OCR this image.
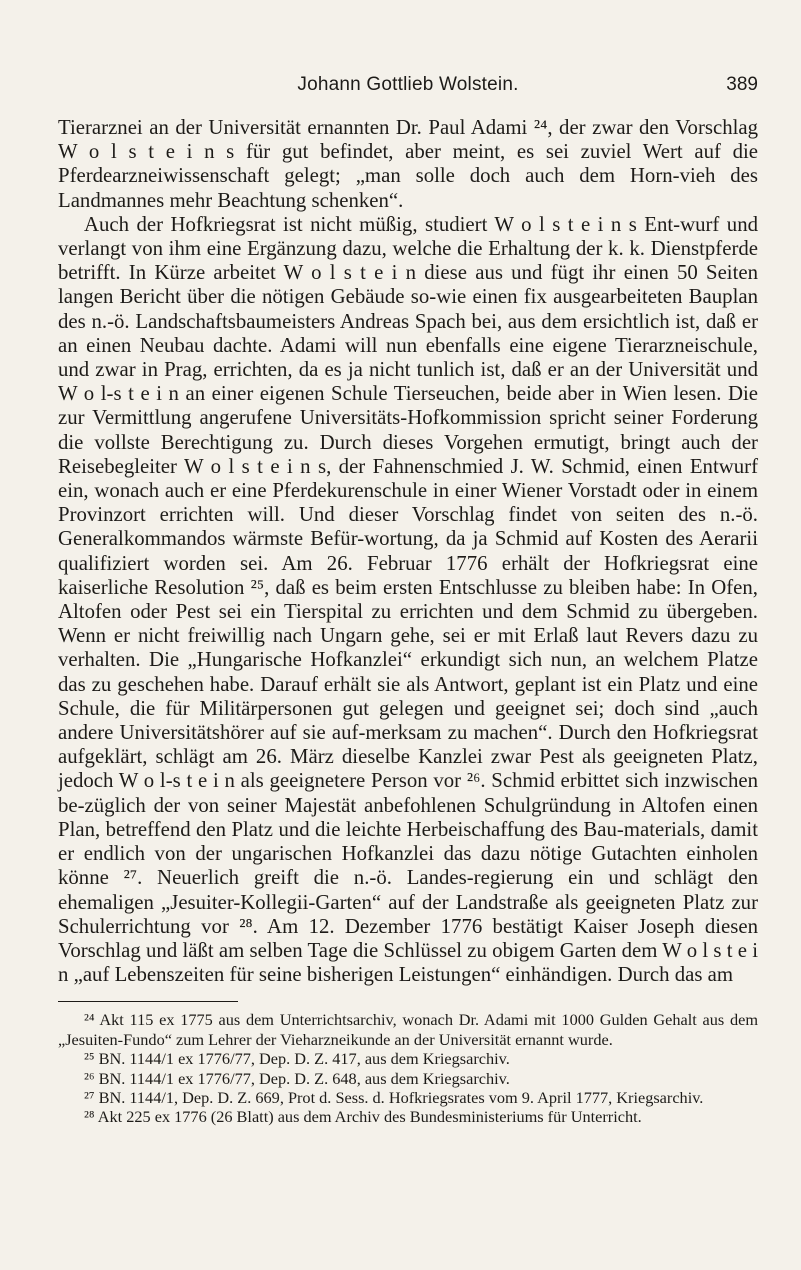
Johann Gottlieb Wolstein.	389

Tierarznei an der Universität ernannten Dr. Paul Adami ²⁴, der zwar den Vorschlag W o l s t e i n s für gut befindet, aber meint, es sei zuviel Wert auf die Pferdearzneiwissenschaft gelegt; „man solle doch auch dem Horn-vieh des Landmannes mehr Beachtung schenken“.

Auch der Hofkriegsrat ist nicht müßig, studiert W o l s t e i n s Ent-wurf und verlangt von ihm eine Ergänzung dazu, welche die Erhaltung der k. k. Dienstpferde betrifft. In Kürze arbeitet W o l s t e i n diese aus und fügt ihr einen 50 Seiten langen Bericht über die nötigen Gebäude so-wie einen fix ausgearbeiteten Bauplan des n.-ö. Landschaftsbaumeisters Andreas Spach bei, aus dem ersichtlich ist, daß er an einen Neubau dachte. Adami will nun ebenfalls eine eigene Tierarzneischule, und zwar in Prag, errichten, da es ja nicht tunlich ist, daß er an der Universität und W o l-s t e i n an einer eigenen Schule Tierseuchen, beide aber in Wien lesen. Die zur Vermittlung angerufene Universitäts-Hofkommission spricht seiner Forderung die vollste Berechtigung zu. Durch dieses Vorgehen ermutigt, bringt auch der Reisebegleiter W o l s t e i n s, der Fahnenschmied J. W. Schmid, einen Entwurf ein, wonach auch er eine Pferdekurenschule in einer Wiener Vorstadt oder in einem Provinzort errichten will. Und dieser Vorschlag findet von seiten des n.-ö. Generalkommandos wärmste Befür-wortung, da ja Schmid auf Kosten des Aerarii qualifiziert worden sei. Am 26. Februar 1776 erhält der Hofkriegsrat eine kaiserliche Resolution ²⁵, daß es beim ersten Entschlusse zu bleiben habe: In Ofen, Altofen oder Pest sei ein Tierspital zu errichten und dem Schmid zu übergeben. Wenn er nicht freiwillig nach Ungarn gehe, sei er mit Erlaß laut Revers dazu zu verhalten. Die „Hungarische Hofkanzlei“ erkundigt sich nun, an welchem Platze das zu geschehen habe. Darauf erhält sie als Antwort, geplant ist ein Platz und eine Schule, die für Militärpersonen gut gelegen und geeignet sei; doch sind „auch andere Universitätshörer auf sie auf-merksam zu machen“. Durch den Hofkriegsrat aufgeklärt, schlägt am 26. März dieselbe Kanzlei zwar Pest als geeigneten Platz, jedoch W o l-s t e i n als geeignetere Person vor ²⁶. Schmid erbittet sich inzwischen be-züglich der von seiner Majestät anbefohlenen Schulgründung in Altofen einen Plan, betreffend den Platz und die leichte Herbeischaffung des Bau-materials, damit er endlich von der ungarischen Hofkanzlei das dazu nötige Gutachten einholen könne ²⁷. Neuerlich greift die n.-ö. Landes-regierung ein und schlägt den ehemaligen „Jesuiter-Kollegii-Garten“ auf der Landstraße als geeigneten Platz zur Schulerrichtung vor ²⁸. Am 12. Dezember 1776 bestätigt Kaiser Joseph diesen Vorschlag und läßt am selben Tage die Schlüssel zu obigem Garten dem W o l s t e i n „auf Lebenszeiten für seine bisherigen Leistungen“ einhändigen. Durch das am

²⁴ Akt 115 ex 1775 aus dem Unterrichtsarchiv, wonach Dr. Adami mit 1000 Gulden Gehalt aus dem „Jesuiten-Fundo“ zum Lehrer der Vieharzneikunde an der Universität ernannt wurde.

²⁵ BN. 1144/1 ex 1776/77, Dep. D. Z. 417, aus dem Kriegsarchiv.

²⁶ BN. 1144/1 ex 1776/77, Dep. D. Z. 648, aus dem Kriegsarchiv.

²⁷ BN. 1144/1, Dep. D. Z. 669, Prot d. Sess. d. Hofkriegsrates vom 9. April 1777, Kriegsarchiv.

²⁸ Akt 225 ex 1776 (26 Blatt) aus dem Archiv des Bundesministeriums für Unterricht.
